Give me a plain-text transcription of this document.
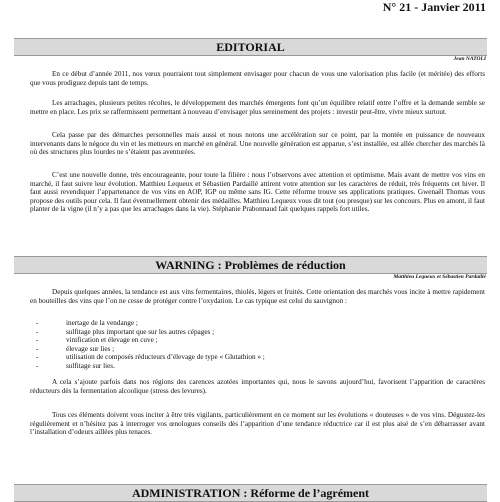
N° 21 - Janvier 2011
EDITORIAL
Jean NATOLI

En ce début d’année 2011, nos vœux pourraient tout simplement envisager pour chacun de vous une valorisation plus facile (et méritée) des efforts que vous prodiguez depuis tant de temps.

Les arrachages, plusieurs petites récoltes, le développement des marchés émergents font qu’un équilibre relatif entre l’offre et la demande semble se mettre en place. Les prix se raffermissent permettant à nouveau d’envisager plus sereinement des projets : investir peut-être, vivre mieux surtout.

Cela passe par des démarches personnelles mais aussi et nous notons une accélération sur ce point, par la montée en puissance de nouveaux intervenants dans le négoce du vin et les metteurs en marché en général. Une nouvelle génération est apparue, s’est installée, est allée chercher des marchés là où des structures plus lourdes ne s’étaient pas aventurées.

C’est une nouvelle donne, très encourageante, pour toute la filière : nous l’observons avec attention et optimisme. Mais avant de mettre vos vins en marché, il faut suivre leur évolution. Matthieu Lequeux et Sébastien Pardaillé attirent votre attention sur les caractères de réduit, très fréquents cet hiver. Il faut aussi revendiquer l’appartenance de vos vins en AOP, IGP ou même sans IG. Cette réforme trouve ses applications pratiques. Gwenaël Thomas vous propose des outils pour cela. Il faut éventuellement obtenir des médailles. Matthieu Lequeux vous dit tout (ou presque) sur les concours. Plus en amont, il faut planter de la vigne (il n’y a pas que les arrachages dans la vie). Stéphanie Prabonnaud fait quelques rappels fort utiles.

WARNING : Problèmes de réduction
Matthieu Lequeux et Sébastien Pardaillé

Depuis quelques années, la tendance est aux vins fermentaires, thiolés, légers et fruités. Cette orientation des marchés vous incite à mettre rapidement en bouteilles des vins que l’on ne cesse de protéger contre l’oxydation. Le cas typique est celui du sauvignon :

-	inertage de la vendange ;
-	sulfitage plus important que sur les autres cépages ;
-	vinification et élevage en cuve ;
-	élevage sur lies ;
-	utilisation de composés réducteurs d’élevage de type « Glutathion » ;
-	sulfitage sur lies.

A cela s’ajoute parfois dans nos régions des carences azotées importantes qui, nous le savons aujourd’hui, favorisent l’apparition de caractères réducteurs dès la fermentation alcoolique (stress des levures).

Tous ces éléments doivent vous inciter à être très vigilants, particulièrement en ce moment sur les évolutions « douteuses » de vos vins. Dégustez-les régulièrement et n’hésitez pas à interroger vos œnologues conseils dès l’apparition d’une tendance réductrice car il est plus aisé de s’en débarrasser avant l’installation d’odeurs aillées plus tenaces.

ADMINISTRATION : Réforme de l’agrément
